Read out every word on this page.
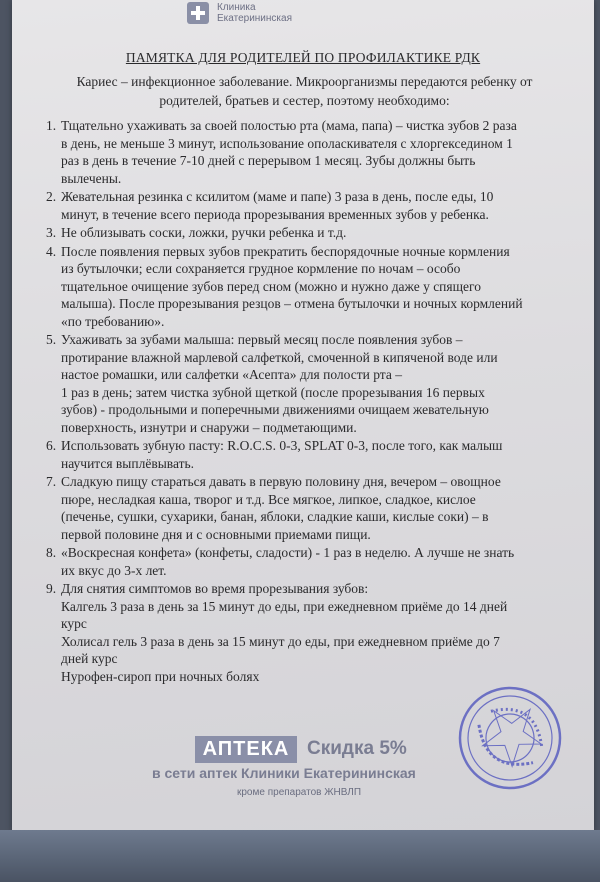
Клиника
Екатерининская
ПАМЯТКА ДЛЯ РОДИТЕЛЕЙ ПО ПРОФИЛАКТИКЕ РДК
Кариес – инфекционное заболевание. Микроорганизмы передаются ребенку от родителей, братьев и сестер, поэтому необходимо:
1. Тщательно ухаживать за своей полостью рта (мама, папа) – чистка зубов 2 раза

в день, не меньше 3 минут, использование ополаскивателя с хлоргекседином 1

раз в день в течение 7-10 дней с перерывом 1 месяц. Зубы должны быть

вылечены.

2. Жевательная резинка с ксилитом (маме и папе) 3 раза в день, после еды, 10

минут, в течение всего периода прорезывания временных зубов у ребенка.

3. Не облизывать соски, ложки, ручки ребенка и т.д.

4. После появления первых зубов прекратить беспорядочные ночные кормления

из бутылочки; если сохраняется грудное кормление по ночам – особо

тщательное очищение зубов перед сном (можно и нужно даже у спящего

малыша). После прорезывания резцов – отмена бутылочки и ночных кормлений

«по требованию».

5. Ухаживать за зубами малыша: первый месяц после появления зубов –

протирание влажной марлевой салфеткой, смоченной в кипяченой воде или

настое ромашки, или салфетки «Асепта» для полости рта –

1 раз в день; затем чистка зубной щеткой (после прорезывания 16 первых

зубов) - продольными и поперечными движениями очищаем жевательную

поверхность, изнутри и снаружи – подметающими.

6. Использовать зубную пасту: R.O.C.S. 0-3, SPLAT 0-3, после того, как малыш

научится выплёвывать.

7. Сладкую пищу стараться давать в первую половину дня, вечером – овощное

пюре, несладкая каша, творог и т.д. Все мягкое, липкое, сладкое, кислое

(печенье, сушки, сухарики, банан, яблоки, сладкие каши, кислые соки) – в

первой половине дня и с основными приемами пищи.

8. «Воскресная конфета» (конфеты, сладости) - 1 раз в неделю. А лучше не знать

их вкус до 3-х лет.

9. Для снятия симптомов во время прорезывания зубов:

Калгель 3 раза в день за 15 минут до еды, при ежедневном приёме до 14 дней

курс

Холисал гель 3 раза в день за 15 минут до еды, при ежедневном приёме до 7

дней курс

Нурофен-сироп при ночных болях

АПТЕКА Скидка 5%
в сети аптек Клиники Екатерининская
кроме препаратов ЖНВЛП
